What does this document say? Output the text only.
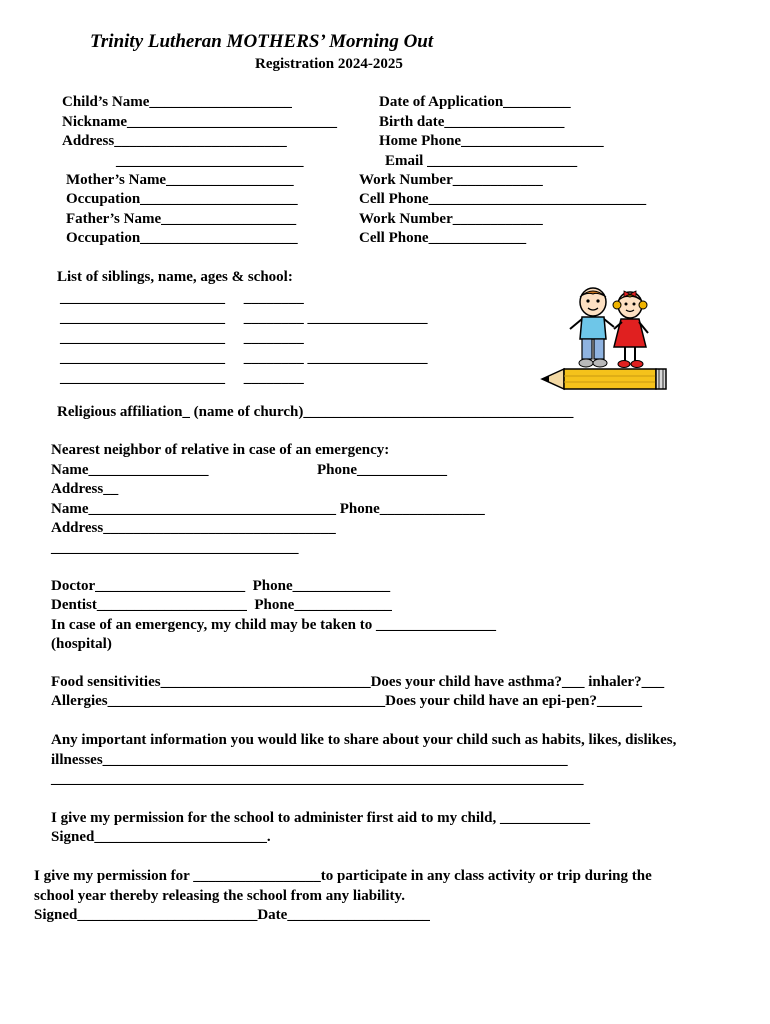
Trinity Lutheran MOTHERS’ Morning Out
Registration 2024-2025
Child’s Name___________________
Nickname____________________________
Address_______________________
_________________________
Mother’s Name_________________
Occupation_____________________
Father’s Name__________________
Occupation_____________________
Date of Application_________
Birth date________________
Home Phone___________________
Email ____________________
Work Number____________
Cell Phone_____________________________
Work Number____________
Cell Phone_____________
List of siblings, name, ages & school:
______________________     ________
______________________     ________ ________________
______________________     ________
______________________     ________ ________________
______________________     ________
Religious affiliation_ (name of church)____________________________________
Nearest neighbor of relative in case of an emergency:
Name________________	Phone____________
Address__
Name_________________________________ Phone______________
Address_______________________________
_________________________________
Doctor____________________  Phone_____________
Dentist____________________  Phone_____________
In case of an emergency, my child may be taken to ________________
(hospital)
Food sensitivities____________________________Does your child have asthma?___ inhaler?___
Allergies_____________________________________Does your child have an epi-pen?______
Any important information you would like to share about your child such as habits, likes, dislikes,
illnesses______________________________________________________________
_______________________________________________________________________
I give my permission for the school to administer first aid to my child, ____________
Signed_______________________.
I give my permission for _________________to participate in any class activity or trip during the
school year thereby releasing the school from any liability.
Signed________________________Date___________________
